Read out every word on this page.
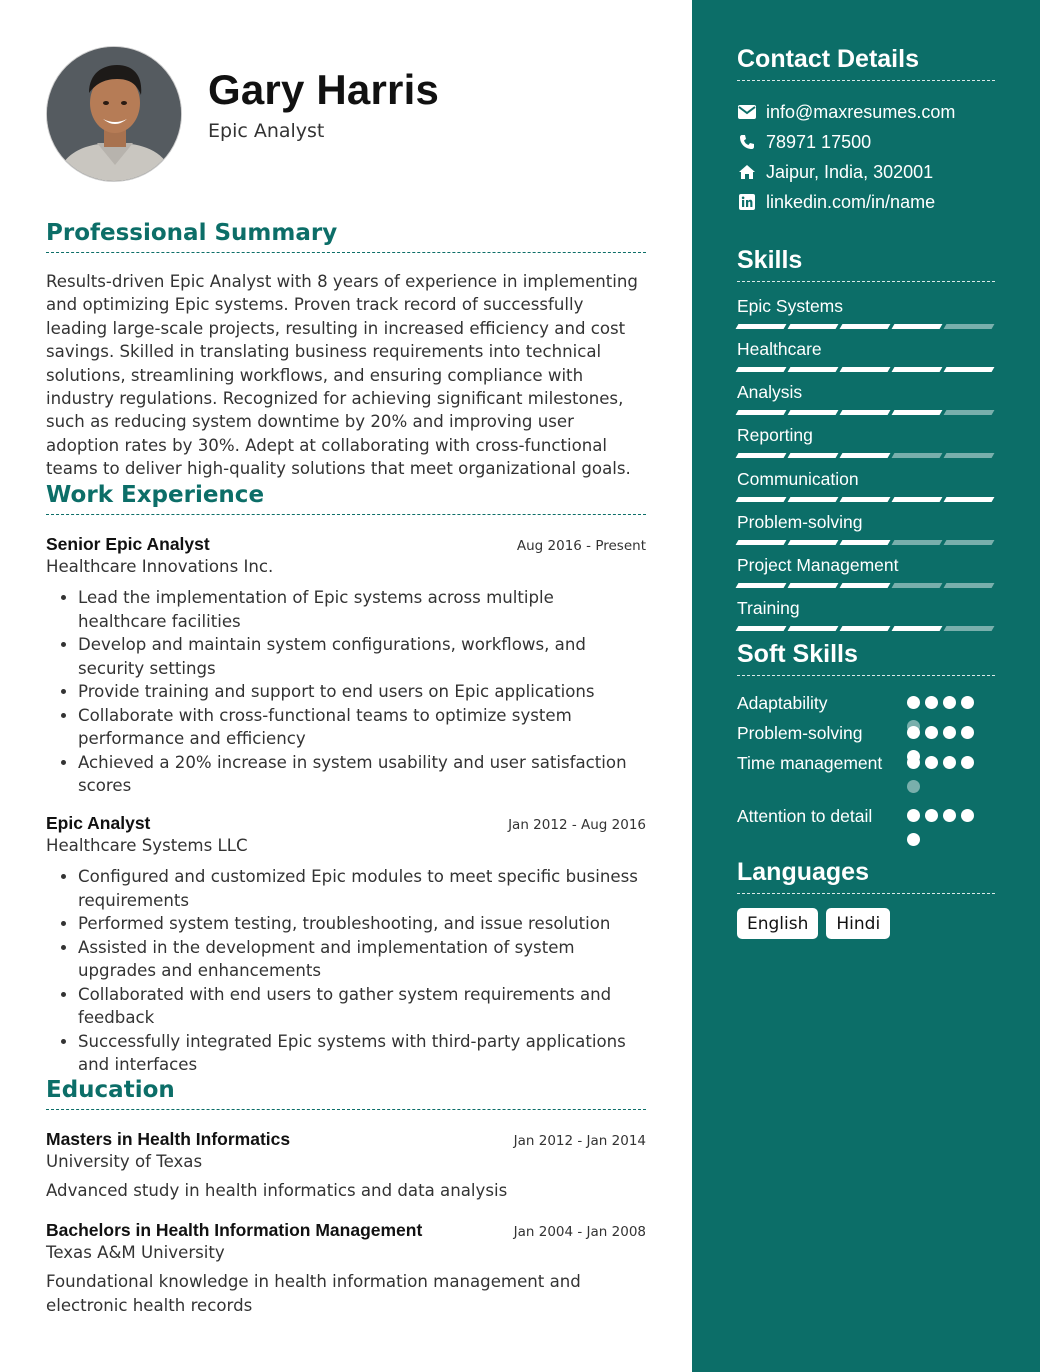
Gary Harris
Epic Analyst
Professional Summary
Results-driven Epic Analyst with 8 years of experience in implementing and optimizing Epic systems. Proven track record of successfully leading large-scale projects, resulting in increased efficiency and cost savings. Skilled in translating business requirements into technical solutions, streamlining workflows, and ensuring compliance with industry regulations. Recognized for achieving significant milestones, such as reducing system downtime by 20% and improving user adoption rates by 30%. Adept at collaborating with cross-functional teams to deliver high-quality solutions that meet organizational goals.
Work Experience
Senior Epic Analyst	Aug 2016 - Present
Healthcare Innovations Inc.
• Lead the implementation of Epic systems across multiple healthcare facilities
• Develop and maintain system configurations, workflows, and security settings
• Provide training and support to end users on Epic applications
• Collaborate with cross-functional teams to optimize system performance and efficiency
• Achieved a 20% increase in system usability and user satisfaction scores
Epic Analyst	Jan 2012 - Aug 2016
Healthcare Systems LLC
• Configured and customized Epic modules to meet specific business requirements
• Performed system testing, troubleshooting, and issue resolution
• Assisted in the development and implementation of system upgrades and enhancements
• Collaborated with end users to gather system requirements and feedback
• Successfully integrated Epic systems with third-party applications and interfaces
Education
Masters in Health Informatics	Jan 2012 - Jan 2014
University of Texas
Advanced study in health informatics and data analysis
Bachelors in Health Information Management	Jan 2004 - Jan 2008
Texas A&M University
Foundational knowledge in health information management and electronic health records
Contact Details
info@maxresumes.com
78971 17500
Jaipur, India, 302001
linkedin.com/in/name
Skills
Epic Systems
Healthcare
Analysis
Reporting
Communication
Problem-solving
Project Management
Training
Soft Skills
Adaptability
Problem-solving
Time management
Attention to detail
Languages
English	Hindi
